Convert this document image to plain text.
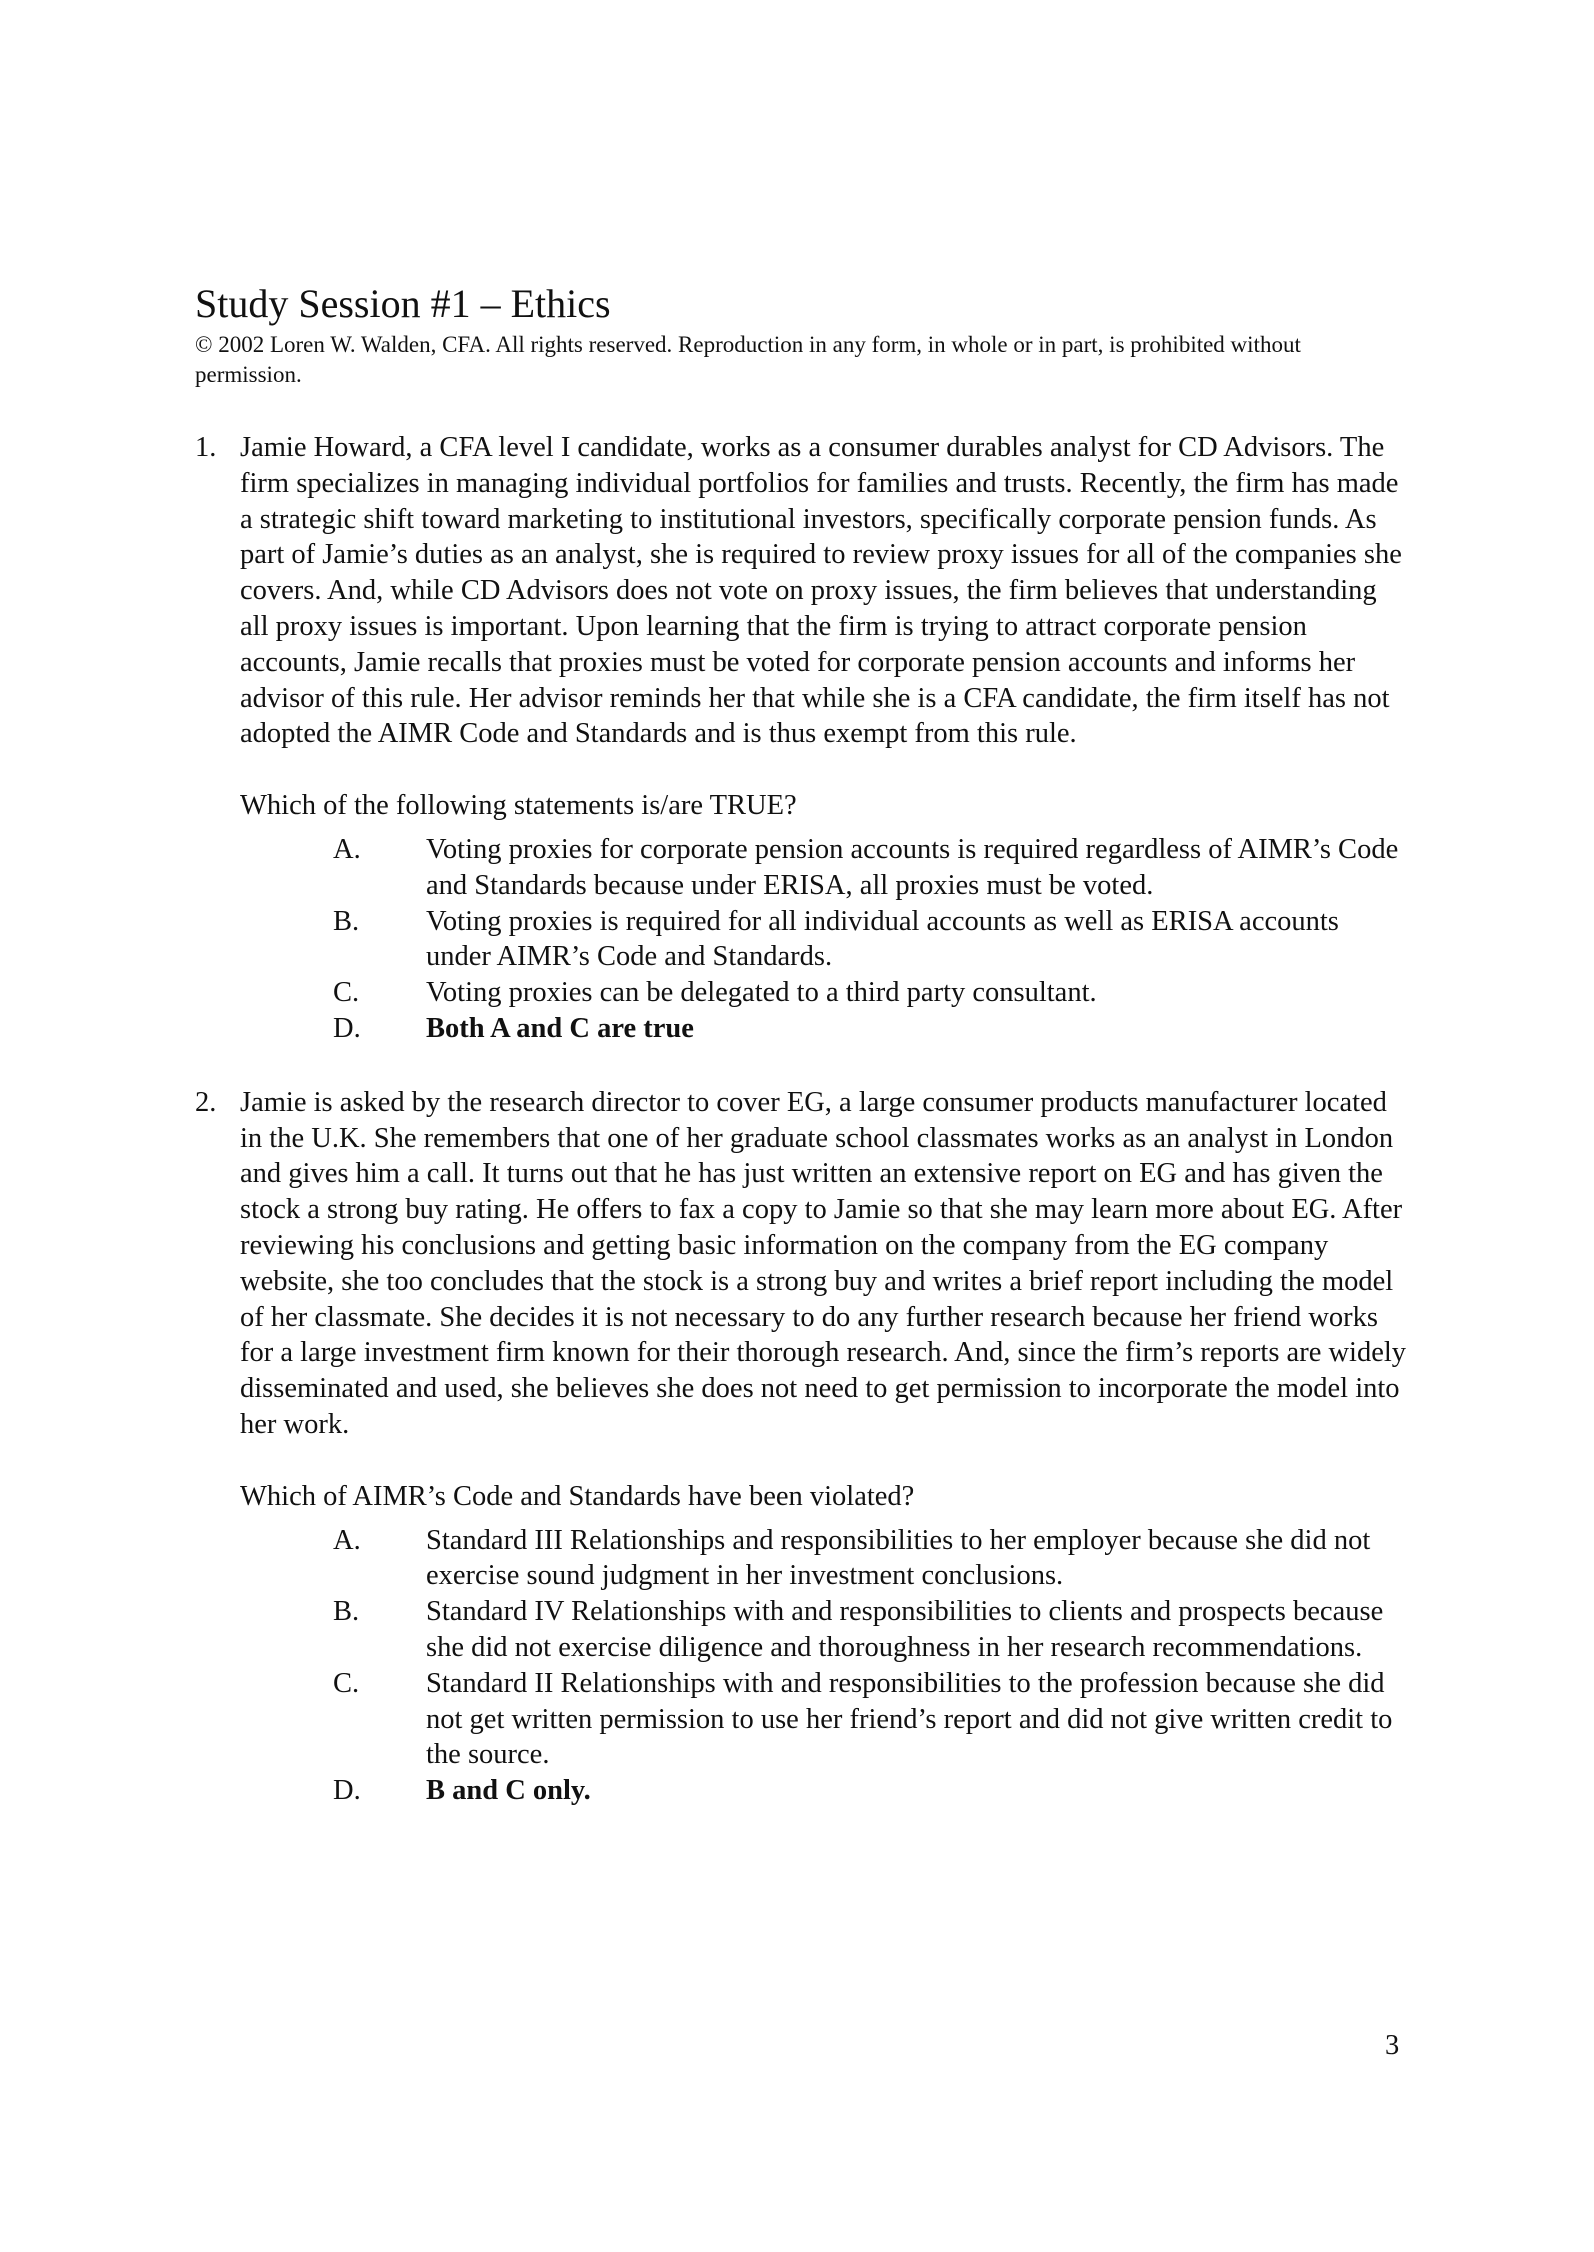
Study Session #1 – Ethics

© 2002 Loren W. Walden, CFA. All rights reserved. Reproduction in any form, in whole or in part, is prohibited without permission.

1. Jamie Howard, a CFA level I candidate, works as a consumer durables analyst for CD Advisors. The firm specializes in managing individual portfolios for families and trusts. Recently, the firm has made a strategic shift toward marketing to institutional investors, specifically corporate pension funds. As part of Jamie’s duties as an analyst, she is required to review proxy issues for all of the companies she covers. And, while CD Advisors does not vote on proxy issues, the firm believes that understanding all proxy issues is important. Upon learning that the firm is trying to attract corporate pension accounts, Jamie recalls that proxies must be voted for corporate pension accounts and informs her advisor of this rule. Her advisor reminds her that while she is a CFA candidate, the firm itself has not adopted the AIMR Code and Standards and is thus exempt from this rule.

Which of the following statements is/are TRUE?

A. Voting proxies for corporate pension accounts is required regardless of AIMR’s Code and Standards because under ERISA, all proxies must be voted.
B. Voting proxies is required for all individual accounts as well as ERISA accounts under AIMR’s Code and Standards.
C. Voting proxies can be delegated to a third party consultant.
D. Both A and C are true
2. Jamie is asked by the research director to cover EG, a large consumer products manufacturer located in the U.K. She remembers that one of her graduate school classmates works as an analyst in London and gives him a call. It turns out that he has just written an extensive report on EG and has given the stock a strong buy rating. He offers to fax a copy to Jamie so that she may learn more about EG. After reviewing his conclusions and getting basic information on the company from the EG company website, she too concludes that the stock is a strong buy and writes a brief report including the model of her classmate. She decides it is not necessary to do any further research because her friend works for a large investment firm known for their thorough research. And, since the firm’s reports are widely disseminated and used, she believes she does not need to get permission to incorporate the model into her work.

Which of AIMR’s Code and Standards have been violated?

A. Standard III Relationships and responsibilities to her employer because she did not exercise sound judgment in her investment conclusions.
B. Standard IV Relationships with and responsibilities to clients and prospects because she did not exercise diligence and thoroughness in her research recommendations.
C. Standard II Relationships with and responsibilities to the profession because she did not get written permission to use her friend’s report and did not give written credit to the source.
D. B and C only.
3
